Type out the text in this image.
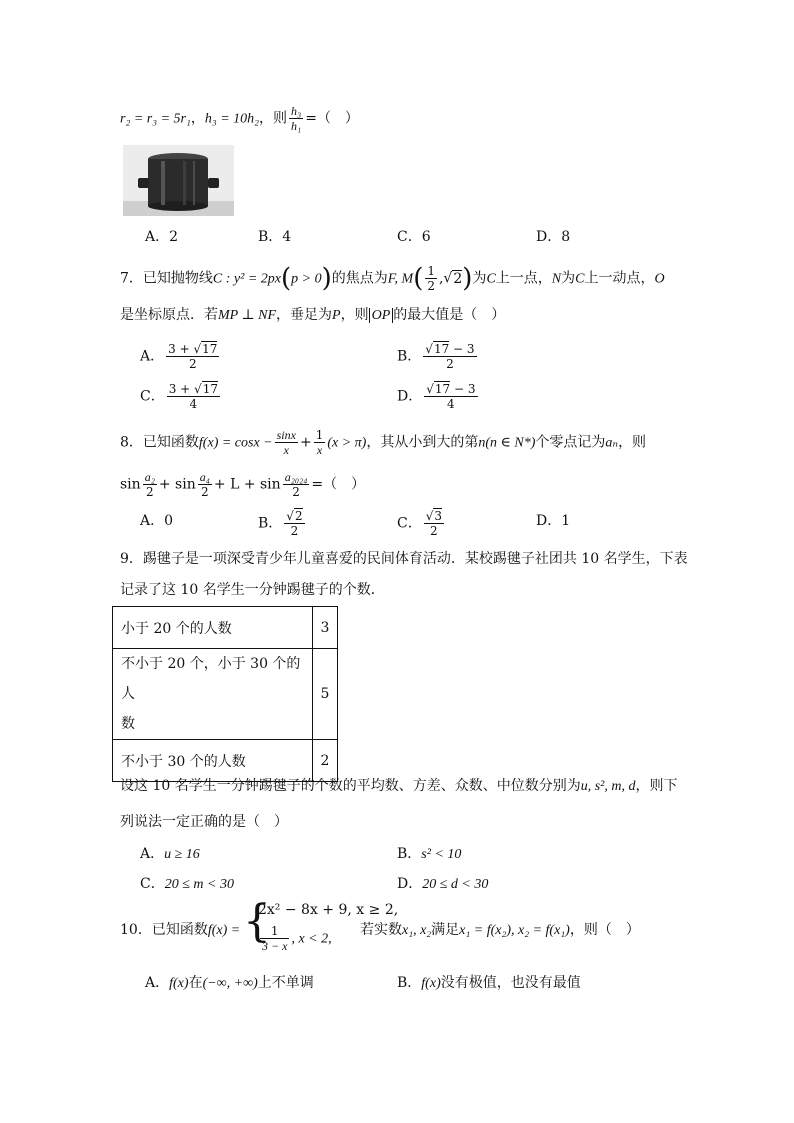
r₂ = r₃ = 5r₁，h₃ = 10h₂，则 $\frac{\text{h₃}}{\text{h₁}}$ =（　）
A．2	B．4	C．6	D．8
7．已知抛物线C : y² = 2px(p > 0)的焦点为F, $M( \frac{1}{2} ,√2)$为C上一点，N为C上一动点，O
是坐标原点．若MP ⊥ NF，垂足为P，则 OP 的最大值是（　）
A． $\frac{3 + √17}{2}$	B． $\frac{√17 - 3}{2}$
C． $\frac{3 + √17}{4}$	D． $\frac{√17 - 3}{4}$
8．已知函数$f(x) = \cos x - \frac{\sin x}{x} + \frac{1}{x} (x > \pi)$，其从小到大的第n(n ∈ N*)个零点记为aₙ，则
$\sin \frac{\text{a₂}}{2} + \sin \frac{\text{a₄}}{2} + L + \sin \frac{\text{a₂₀₂₄}}{2}$ =（　）
A．0	B． $\frac{√2}{2}$	C． $\frac{√3}{2}$	D．1
9．踢毽子是一项深受青少年儿童喜爱的民间体育活动．某校踢毽子社团共 10 名学生，下表
记录了这 10 名学生一分钟踢毽子的个数．
小于 20 个的人数	3
不小于 20 个，小于 30 个的人
数	5
不小于 30 个的人数	2
设这 10 名学生一分钟踢毽子的个数的平均数、方差、众数、中位数分别为u, s², m, d，则下
列说法一定正确的是（　）
A．u ≥ 16	B．s² < 10
C．20 ≤ m < 30	D．20 ≤ d < 30
10．已知函数f(x) = {
2x² − 8x + 9, x ≥ 2,
$\frac{1}{3 - x}$ , x < 2,
若实数x₁, x₂满足x₁ = f(x₂), x₂ = f(x₁)，则（　）
A．f(x)在(−∞, +∞)上不单调	B．f(x)没有极值，也没有最值
